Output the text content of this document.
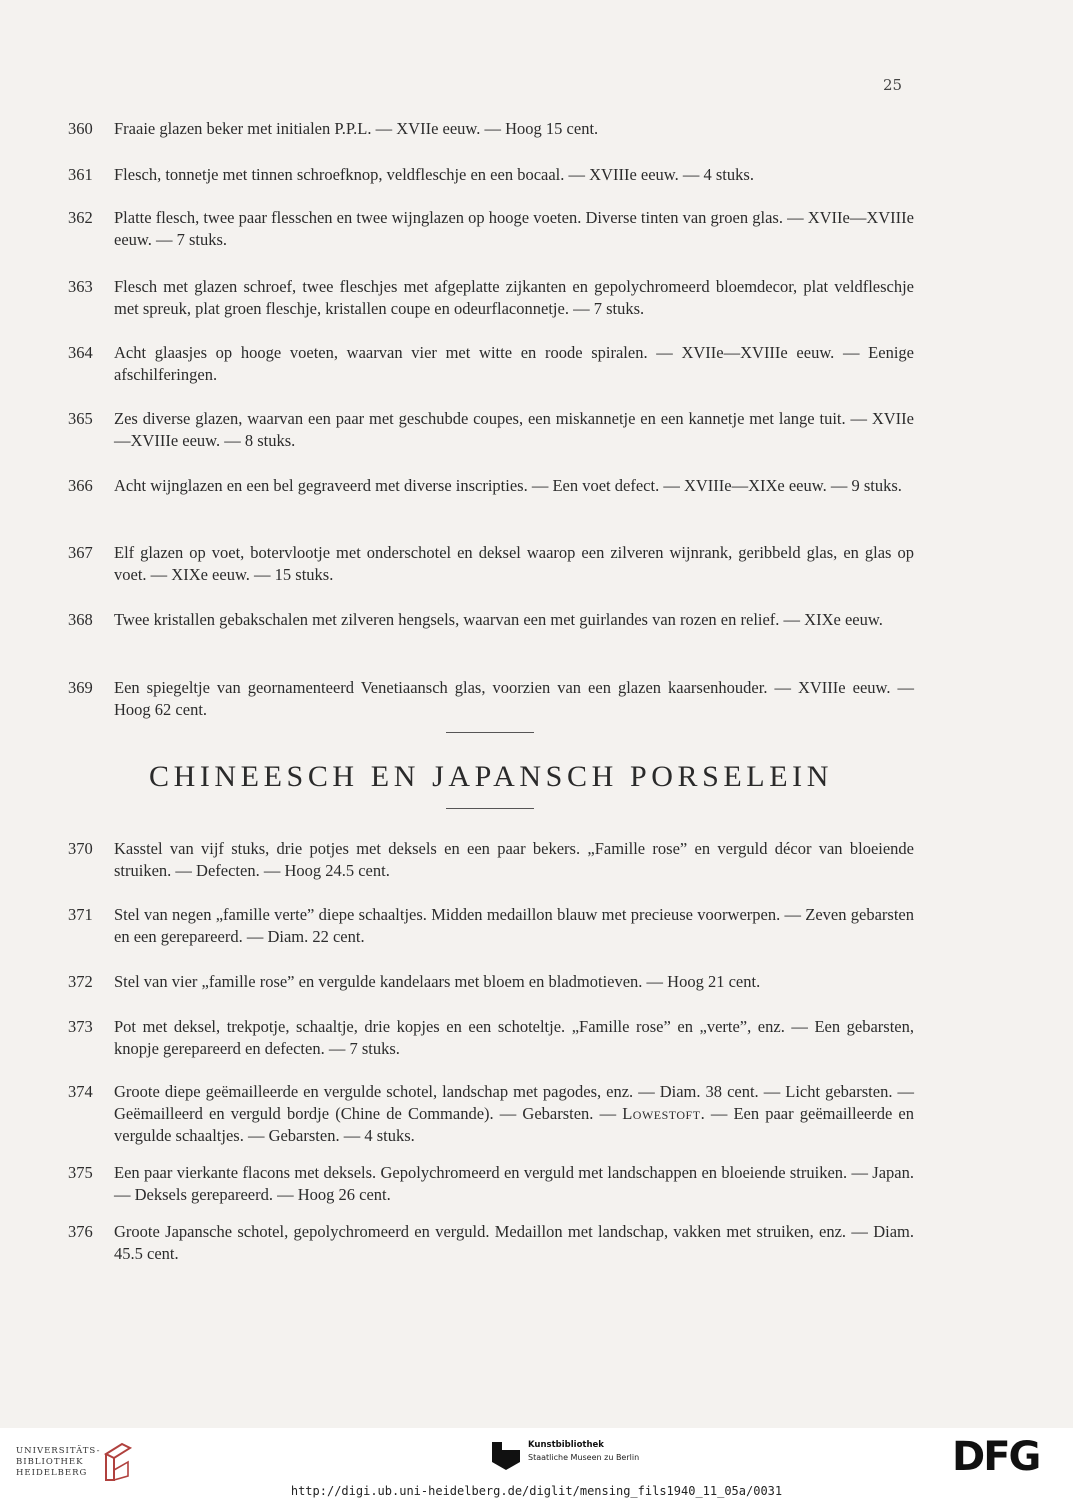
25
360	Fraaie glazen beker met initialen P.P.L. — XVIIe eeuw. — Hoog 15 cent.
361	Flesch, tonnetje met tinnen schroefknop, veldfleschje en een bocaal. — XVIIIe eeuw. — 4 stuks.
362	Platte flesch, twee paar flesschen en twee wijnglazen op hooge voeten. Diverse tinten van groen glas. — XVIIe—XVIIIe eeuw. — 7 stuks.
363	Flesch met glazen schroef, twee fleschjes met afgeplatte zijkanten en gepolychromeerd bloemdecor, plat veldfleschje met spreuk, plat groen fleschje, kristallen coupe en odeurflaconnetje. — 7 stuks.
364	Acht glaasjes op hooge voeten, waarvan vier met witte en roode spiralen. — XVIIe—XVIIIe eeuw. — Eenige afschilferingen.
365	Zes diverse glazen, waarvan een paar met geschubde coupes, een miskannetje en een kannetje met lange tuit. — XVIIe—XVIIIe eeuw. — 8 stuks.
366	Acht wijnglazen en een bel gegraveerd met diverse inscripties. — Een voet defect. — XVIIIe—XIXe eeuw. — 9 stuks.
367	Elf glazen op voet, botervlootje met onderschotel en deksel waarop een zilveren wijnrank, geribbeld glas, en glas op voet. — XIXe eeuw. — 15 stuks.
368	Twee kristallen gebakschalen met zilveren hengsels, waarvan een met guirlandes van rozen en relief. — XIXe eeuw.
369	Een spiegeltje van geornamenteerd Venetiaansch glas, voorzien van een glazen kaarsenhouder. — XVIIIe eeuw. — Hoog 62 cent.
CHINEESCH EN JAPANSCH PORSELEIN
370	Kasstel van vijf stuks, drie potjes met deksels en een paar bekers. „Famille rose” en verguld décor van bloeiende struiken. — Defecten. — Hoog 24.5 cent.
371	Stel van negen „famille verte” diepe schaaltjes. Midden medaillon blauw met precieuse voorwerpen. — Zeven gebarsten en een gerepareerd. — Diam. 22 cent.
372	Stel van vier „famille rose” en vergulde kandelaars met bloem en bladmotieven. — Hoog 21 cent.
373	Pot met deksel, trekpotje, schaaltje, drie kopjes en een schoteltje. „Famille rose” en „verte”, enz. — Een gebarsten, knopje gerepareerd en defecten. — 7 stuks.
374	Groote diepe geëmailleerde en vergulde schotel, landschap met pagodes, enz. — Diam. 38 cent. — Licht gebarsten. — Geëmailleerd en verguld bordje (Chine de Commande). — Gebarsten. — Lowestoft. — Een paar geëmailleerde en vergulde schaaltjes. — Gebarsten. — 4 stuks.
375	Een paar vierkante flacons met deksels. Gepolychromeerd en verguld met landschappen en bloeiende struiken. — Japan. — Deksels gerepareerd. — Hoog 26 cent.
376	Groote Japansche schotel, gepolychromeerd en verguld. Medaillon met landschap, vakken met struiken, enz. — Diam. 45.5 cent.
UNIVERSITÄTS-
BIBLIOTHEK
HEIDELBERG
Kunstbibliothek
Staatliche Museen zu Berlin	DFG
http://digi.ub.uni-heidelberg.de/diglit/mensing_fils1940_11_05a/0031
